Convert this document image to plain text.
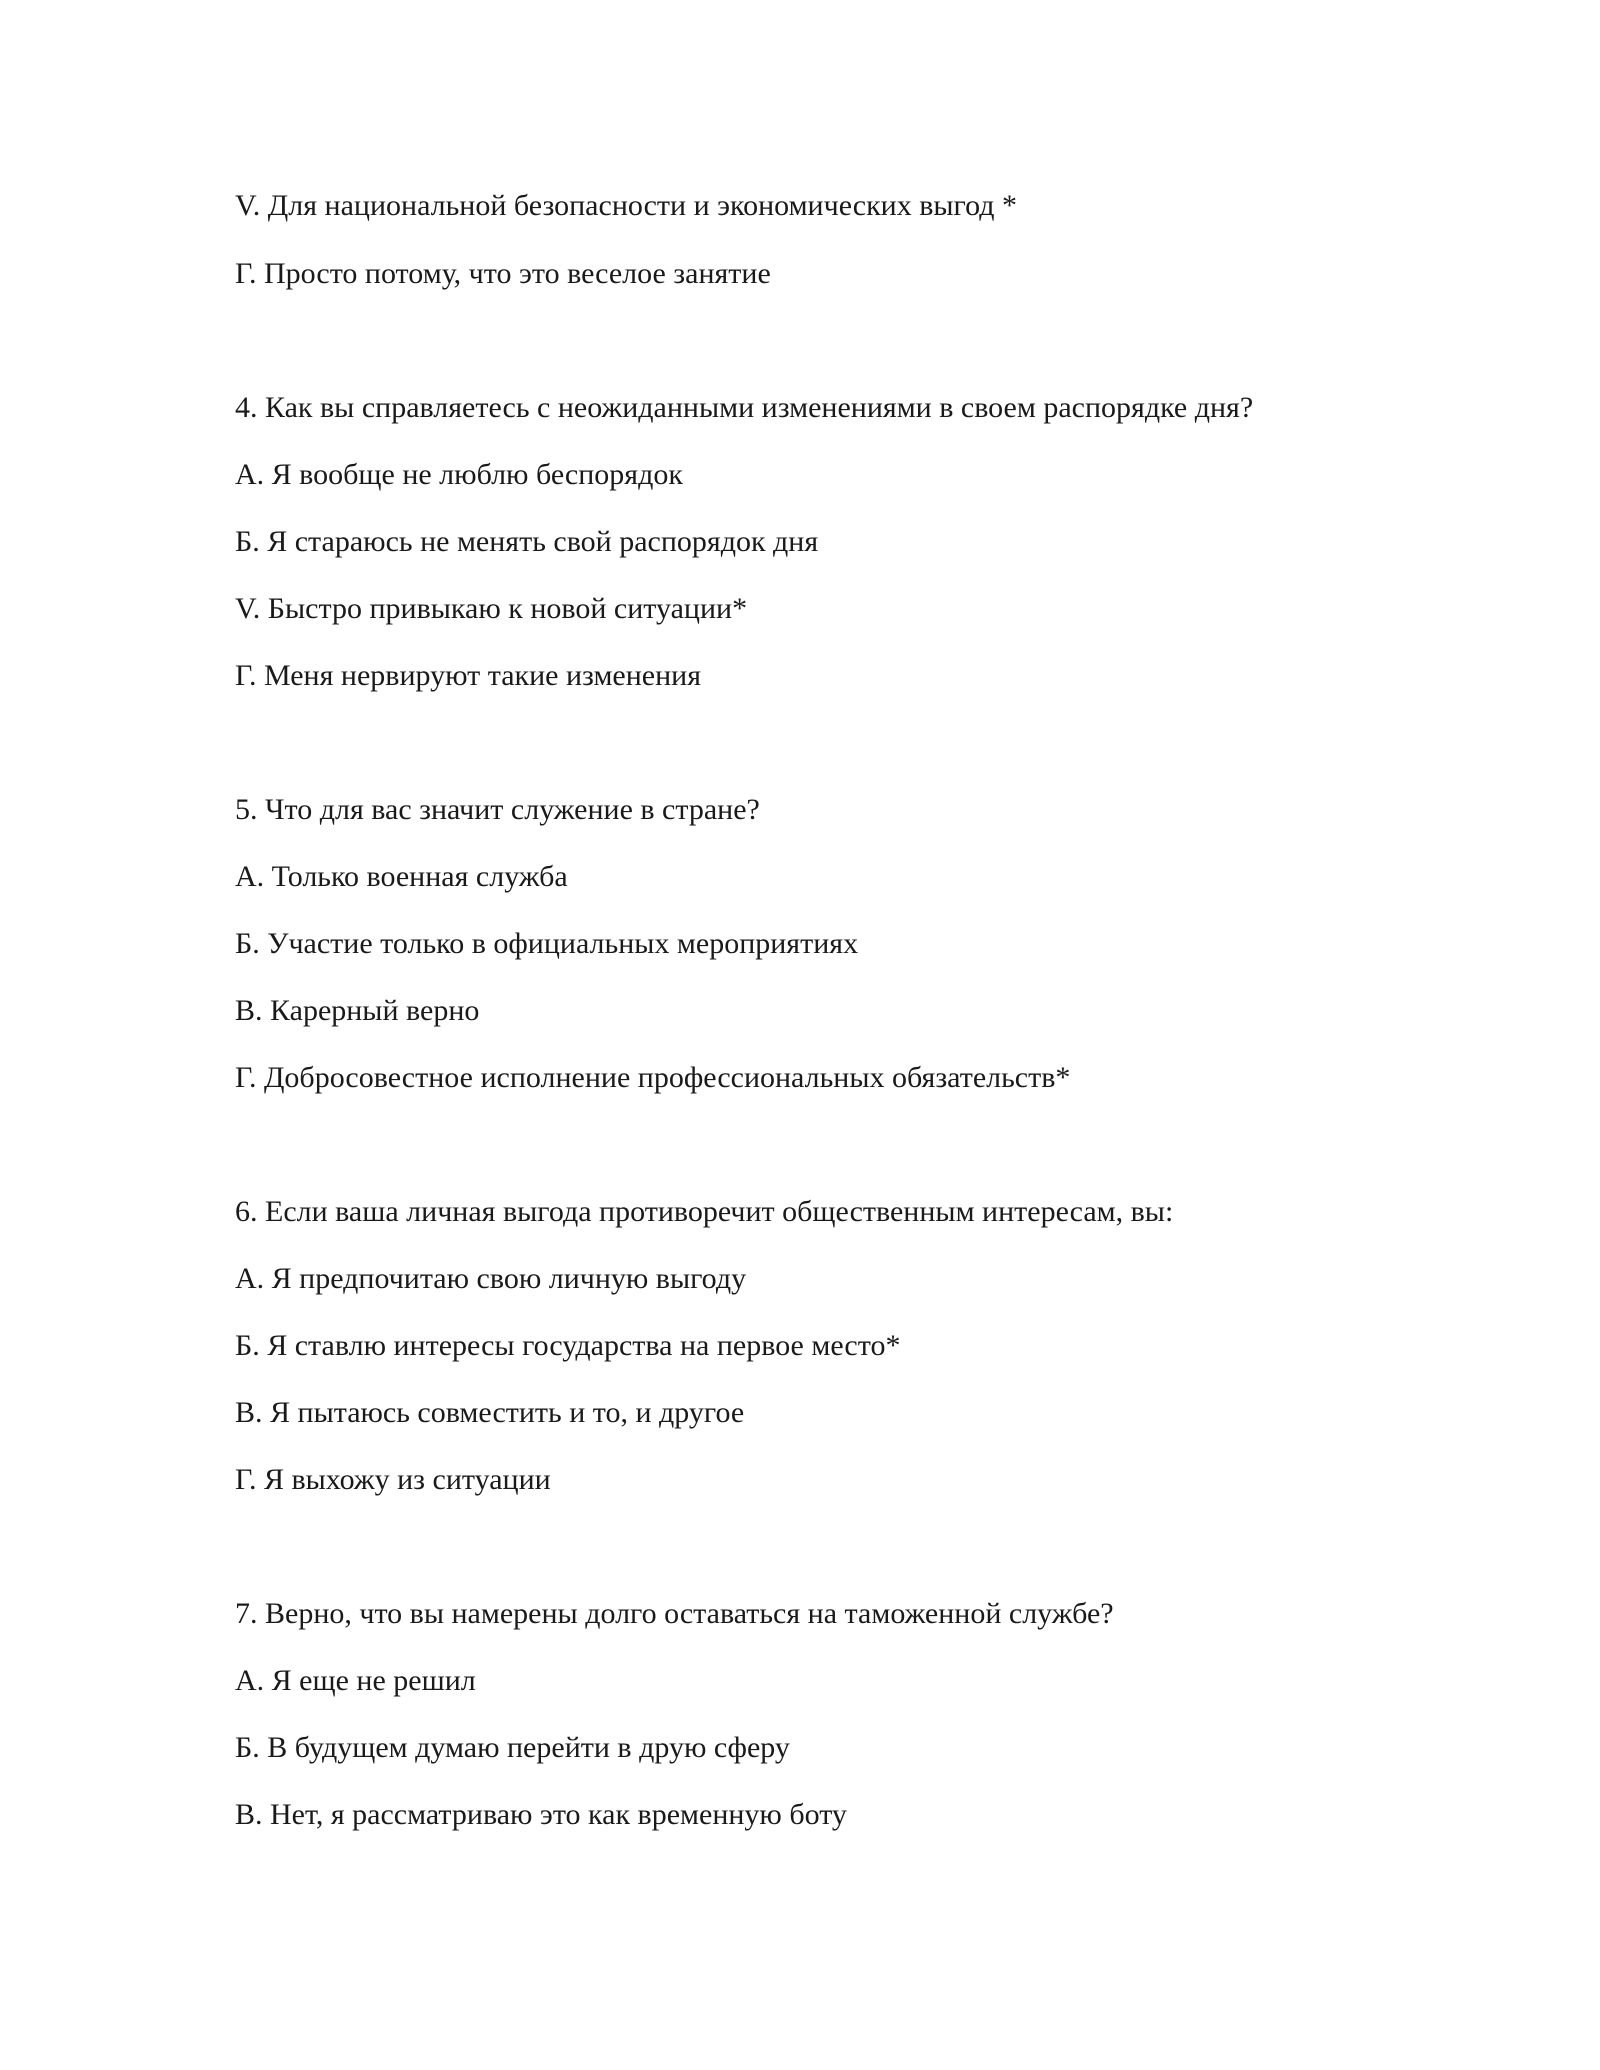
V. Для национальной безопасности и экономических выгод *

Г. Просто потому, что это веселое занятие

4. Как вы справляетесь с неожиданными изменениями в своем распорядке дня?

А. Я вообще не люблю беспорядок

Б. Я стараюсь не менять свой распорядок дня

V. Быстро привыкаю к новой ситуации*

Г. Меня нервируют такие изменения

5. Что для вас значит служение в стране?

А. Только военная служба

Б. Участие только в официальных мероприятиях

В. Карерный верно

Г. Добросовестное исполнение профессиональных обязательств*

6. Если ваша личная выгода противоречит общественным интересам, вы:

А. Я предпочитаю свою личную выгоду

Б. Я ставлю интересы государства на первое место*

В. Я пытаюсь совместить и то, и другое

Г. Я выхожу из ситуации

7. Верно, что вы намерены долго оставаться на таможенной службе?

А. Я еще не решил

Б. В будущем думаю перейти в друю сферу

В. Нет, я рассматриваю это как временную боту
